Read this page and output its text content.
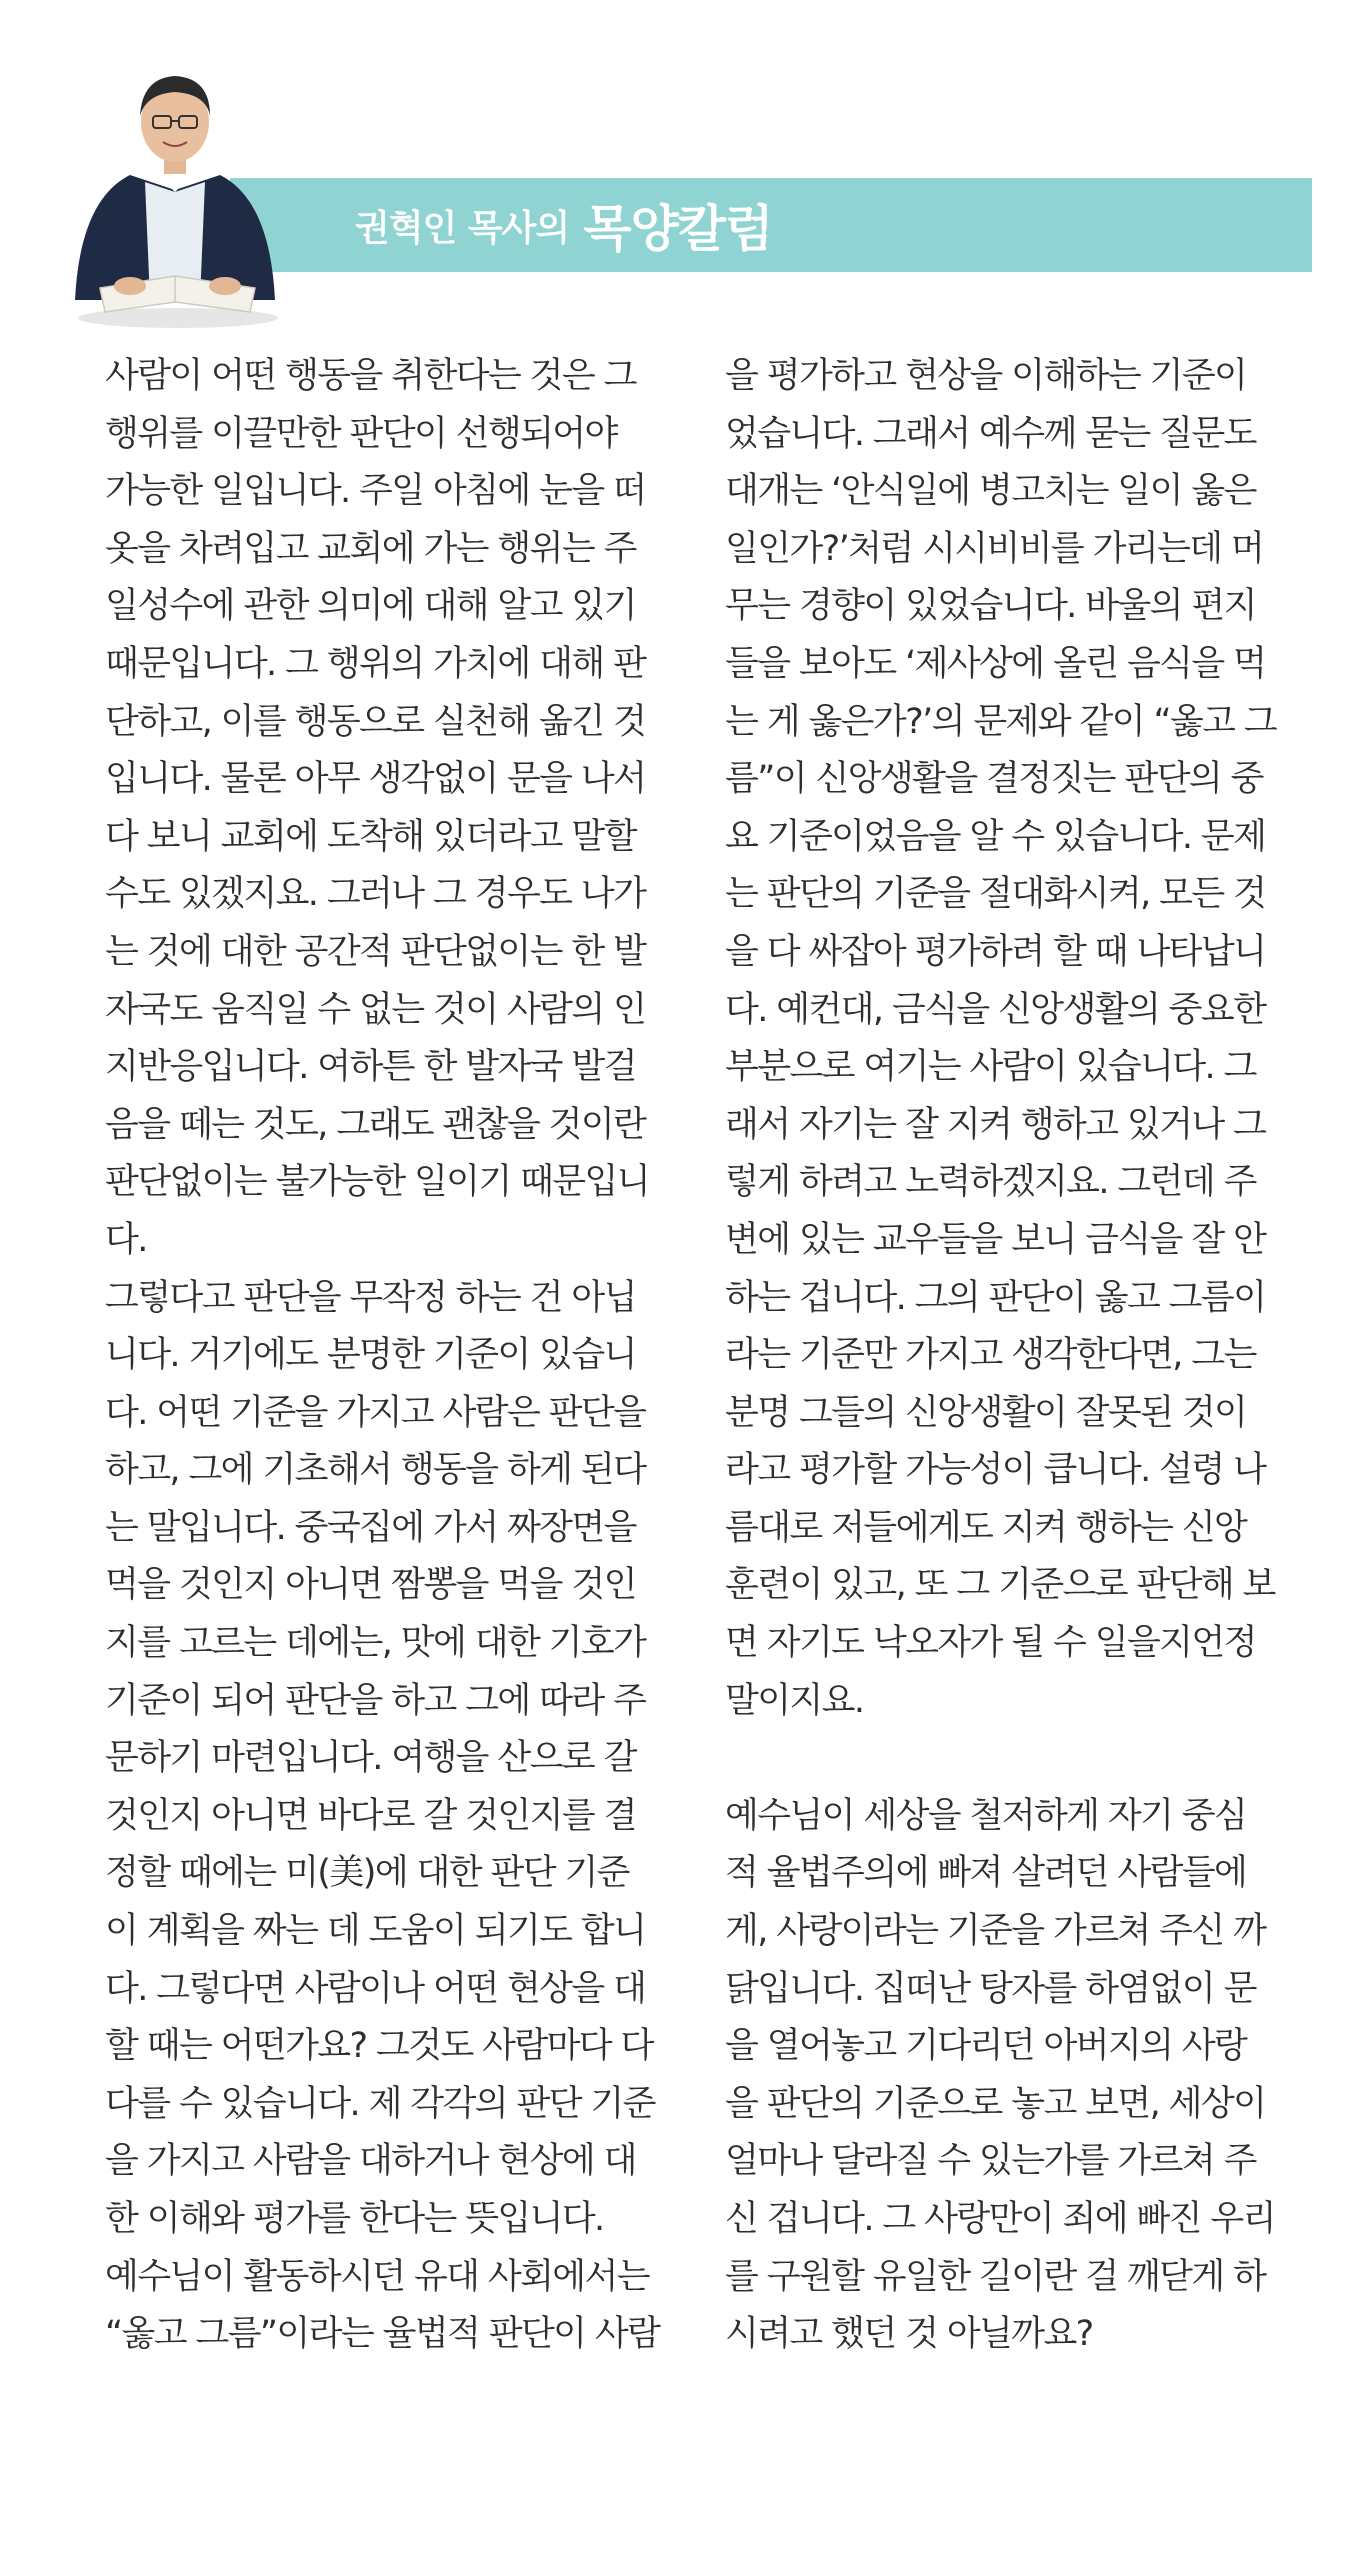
권혁인 목사의 목양칼럼

사람이 어떤 행동을 취한다는 것은 그
행위를 이끌만한 판단이 선행되어야
가능한 일입니다. 주일 아침에 눈을 떠
옷을 차려입고 교회에 가는 행위는 주
일성수에 관한 의미에 대해 알고 있기
때문입니다. 그 행위의 가치에 대해 판
단하고, 이를 행동으로 실천해 옮긴 것
입니다. 물론 아무 생각없이 문을 나서
다 보니 교회에 도착해 있더라고 말할
수도 있겠지요. 그러나 그 경우도 나가
는 것에 대한 공간적 판단없이는 한 발
자국도 움직일 수 없는 것이 사람의 인
지반응입니다. 여하튼 한 발자국 발걸
음을 떼는 것도, 그래도 괜찮을 것이란
판단없이는 불가능한 일이기 때문입니
다.

그렇다고 판단을 무작정 하는 건 아닙
니다. 거기에도 분명한 기준이 있습니
다. 어떤 기준을 가지고 사람은 판단을
하고, 그에 기초해서 행동을 하게 된다
는 말입니다. 중국집에 가서 짜장면을
먹을 것인지 아니면 짬뽕을 먹을 것인
지를 고르는 데에는, 맛에 대한 기호가
기준이 되어 판단을 하고 그에 따라 주
문하기 마련입니다. 여행을 산으로 갈
것인지 아니면 바다로 갈 것인지를 결
정할 때에는 미(美)에 대한 판단 기준
이 계획을 짜는 데 도움이 되기도 합니
다. 그렇다면 사람이나 어떤 현상을 대
할 때는 어떤가요? 그것도 사람마다 다
다를 수 있습니다. 제 각각의 판단 기준
을 가지고 사람을 대하거나 현상에 대
한 이해와 평가를 한다는 뜻입니다.

예수님이 활동하시던 유대 사회에서는
“옳고 그름”이라는 율법적 판단이 사람

을 평가하고 현상을 이해하는 기준이
었습니다. 그래서 예수께 묻는 질문도
대개는 ‘안식일에 병고치는 일이 옳은
일인가?’처럼 시시비비를 가리는데 머
무는 경향이 있었습니다. 바울의 편지
들을 보아도 ‘제사상에 올린 음식을 먹
는 게 옳은가?’의 문제와 같이 “옳고 그
름”이 신앙생활을 결정짓는 판단의 중
요 기준이었음을 알 수 있습니다. 문제
는 판단의 기준을 절대화시켜, 모든 것
을 다 싸잡아 평가하려 할 때 나타납니
다. 예컨대, 금식을 신앙생활의 중요한
부분으로 여기는 사람이 있습니다. 그
래서 자기는 잘 지켜 행하고 있거나 그
렇게 하려고 노력하겠지요. 그런데 주
변에 있는 교우들을 보니 금식을 잘 안
하는 겁니다. 그의 판단이 옳고 그름이
라는 기준만 가지고 생각한다면, 그는
분명 그들의 신앙생활이 잘못된 것이
라고 평가할 가능성이 큽니다. 설령 나
름대로 저들에게도 지켜 행하는 신앙
훈련이 있고, 또 그 기준으로 판단해 보
면 자기도 낙오자가 될 수 일을지언정
말이지요.

예수님이 세상을 철저하게 자기 중심
적 율법주의에 빠져 살려던 사람들에
게, 사랑이라는 기준을 가르쳐 주신 까
닭입니다. 집떠난 탕자를 하염없이 문
을 열어놓고 기다리던 아버지의 사랑
을 판단의 기준으로 놓고 보면, 세상이
얼마나 달라질 수 있는가를 가르쳐 주
신 겁니다. 그 사랑만이 죄에 빠진 우리
를 구원할 유일한 길이란 걸 깨닫게 하
시려고 했던 것 아닐까요?
